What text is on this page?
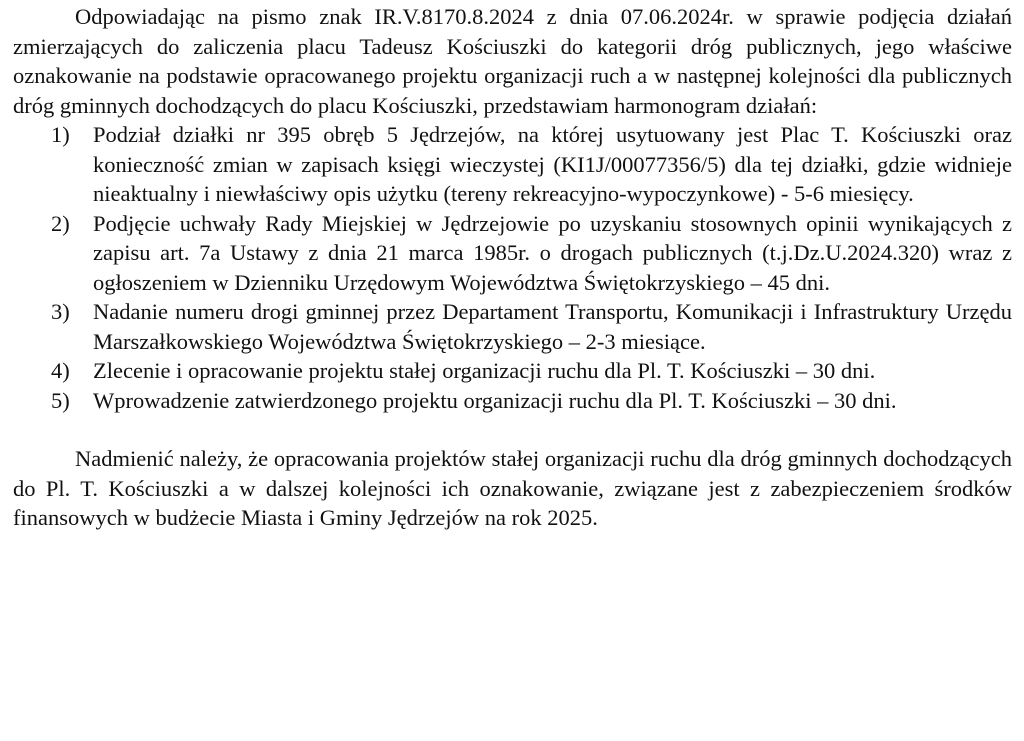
Odpowiadając na pismo znak IR.V.8170.8.2024 z dnia 07.06.2024r. w sprawie podjęcia działań zmierzających do zaliczenia placu Tadeusz Kościuszki do kategorii dróg publicznych, jego właściwe oznakowanie na podstawie opracowanego projektu organizacji ruch a w następnej kolejności dla publicznych dróg gminnych dochodzących do placu Kościuszki, przedstawiam harmonogram działań:

1)	Podział działki nr 395 obręb 5 Jędrzejów, na której usytuowany jest Plac T. Kościuszki oraz konieczność zmian w zapisach księgi wieczystej (KI1J/00077356/5) dla tej działki, gdzie widnieje nieaktualny i niewłaściwy opis użytku (tereny rekreacyjno-wypoczynkowe) - 5-6 miesięcy.
2)	Podjęcie uchwały Rady Miejskiej w Jędrzejowie po uzyskaniu stosownych opinii wynikających z zapisu art. 7a Ustawy z dnia 21 marca 1985r. o drogach publicznych (t.j.Dz.U.2024.320) wraz z ogłoszeniem w Dzienniku Urzędowym Województwa Świętokrzyskiego – 45 dni.
3)	Nadanie numeru drogi gminnej przez Departament Transportu, Komunikacji i Infrastruktury Urzędu Marszałkowskiego Województwa Świętokrzyskiego – 2-3 miesiące.
4)	Zlecenie i opracowanie projektu stałej organizacji ruchu dla Pl. T. Kościuszki – 30 dni.
5)	Wprowadzenie zatwierdzonego projektu organizacji ruchu dla Pl. T. Kościuszki – 30 dni.

Nadmienić należy, że opracowania projektów stałej organizacji ruchu dla dróg gminnych dochodzących do Pl. T. Kościuszki a w dalszej kolejności ich oznakowanie, związane jest z zabezpieczeniem środków finansowych w budżecie Miasta i Gminy Jędrzejów na rok 2025.
